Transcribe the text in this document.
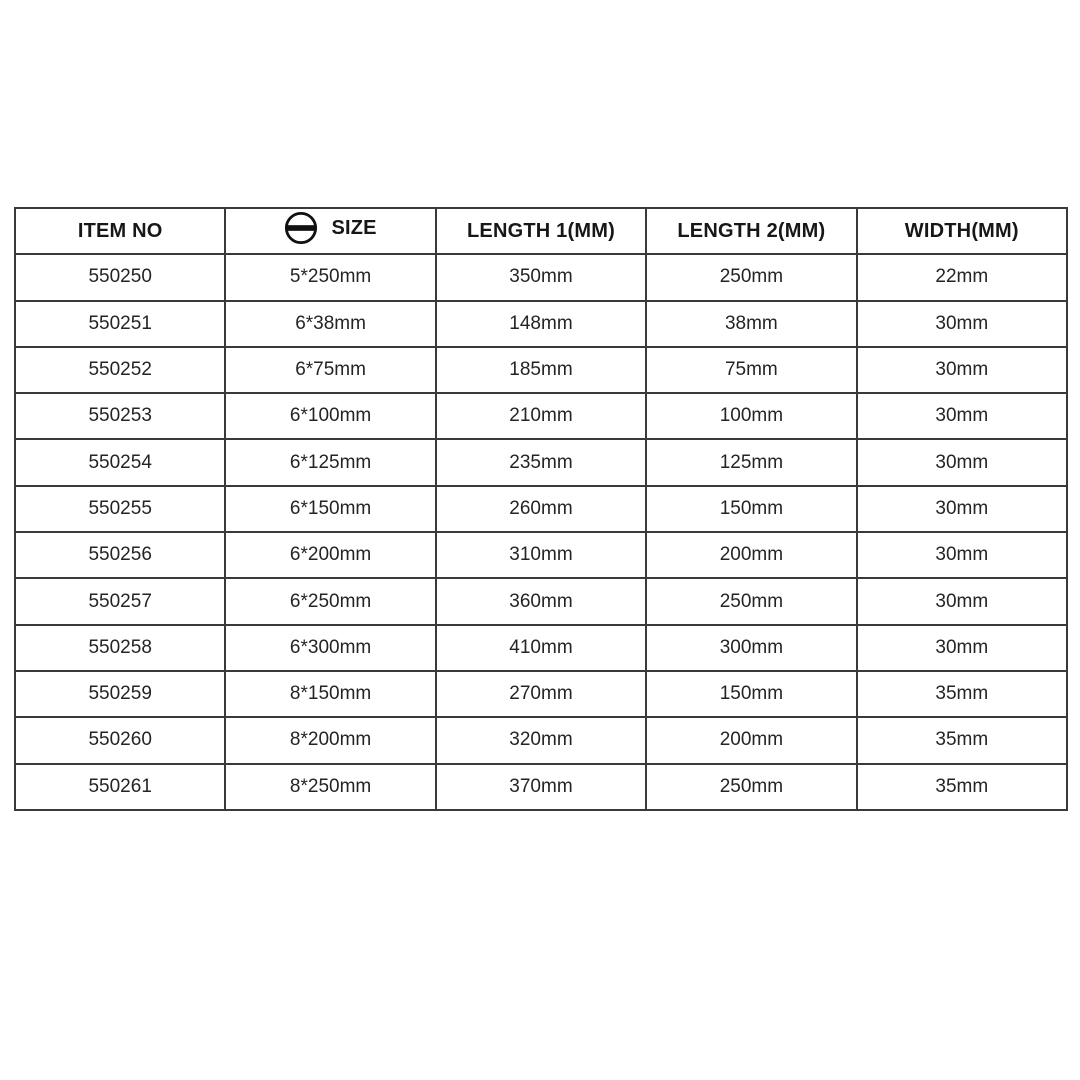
ITEM NO	SIZE	LENGTH 1(MM)	LENGTH 2(MM)	WIDTH(MM)
550250	5*250mm	350mm	250mm	22mm
550251	6*38mm	148mm	38mm	30mm
550252	6*75mm	185mm	75mm	30mm
550253	6*100mm	210mm	100mm	30mm
550254	6*125mm	235mm	125mm	30mm
550255	6*150mm	260mm	150mm	30mm
550256	6*200mm	310mm	200mm	30mm
550257	6*250mm	360mm	250mm	30mm
550258	6*300mm	410mm	300mm	30mm
550259	8*150mm	270mm	150mm	35mm
550260	8*200mm	320mm	200mm	35mm
550261	8*250mm	370mm	250mm	35mm
